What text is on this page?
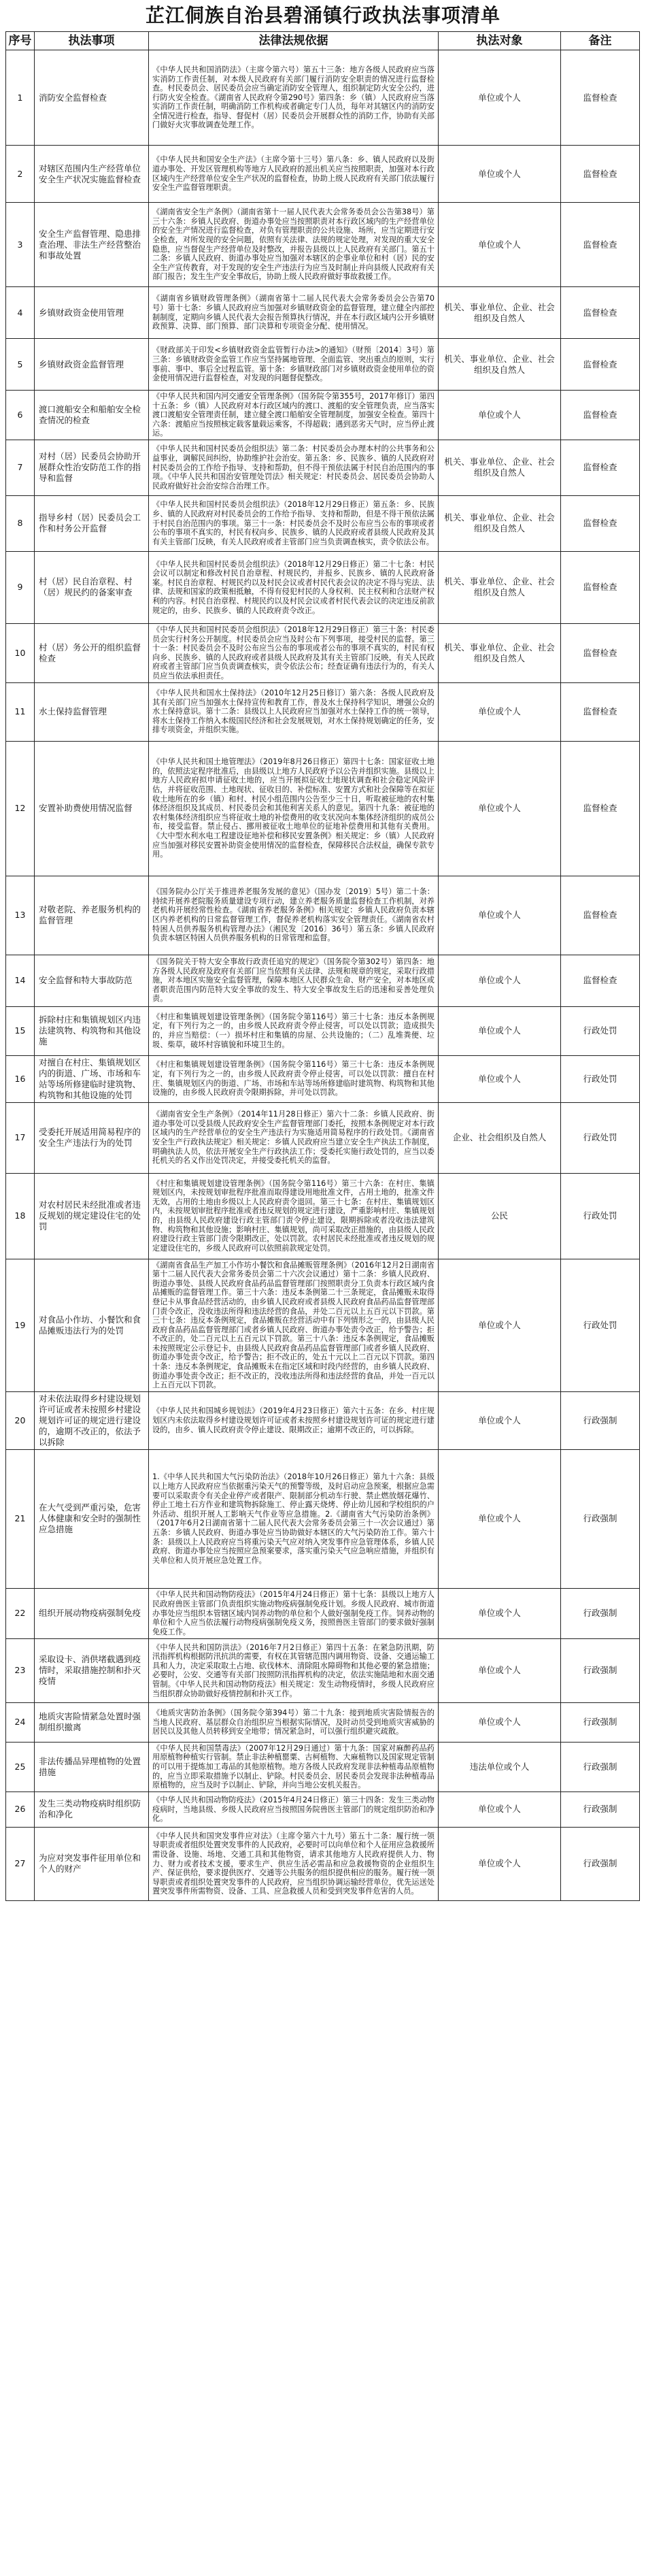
芷江侗族自治县碧涌镇行政执法事项清单
序号	执法事项	法律法规依据	执法对象	备注
1	消防安全监督检查	《中华人民共和国消防法》（主席令第六号）第五十三条：地方各级人民政府应当落实消防工作责任制，对本级人民政府有关部门履行消防安全职责的情况进行监督检查。村民委员会、居民委员会应当确定消防安全管理人，组织制定防火安全公约，进行防火安全检查。《湖南省人民政府令第290号》第四条：乡（镇）人民政府应当落实消防工作责任制，明确消防工作机构或者确定专门人员，每年对其辖区内的消防安全情况进行检查，指导、督促村（居）民委员会开展群众性的消防工作，协助有关部门做好火灾事故调查处理工作。	单位或个人	监督检查
2	对辖区范围内生产经营单位安全生产状况实施监督检查	《中华人民共和国安全生产法》（主席令第十三号）第八条：乡、镇人民政府以及街道办事处、开发区管理机构等地方人民政府的派出机关应当按照职责，加强对本行政区域内生产经营单位安全生产状况的监督检查，协助上级人民政府有关部门依法履行安全生产监督管理职责。	单位或个人	监督检查
3	安全生产监督管理、隐患排查治理、非法生产经营整治和事故处置	《湖南省安全生产条例》（湖南省第十一届人民代表大会常务委员会公告第38号）第三十六条：乡镇人民政府、街道办事处应当按照职责对本行政区域内的生产经营单位的安全生产情况进行监督检查，对负有管理职责的公共设施、场所，应当定期进行安全检查，对所发现的安全问题，依照有关法律、法规的规定处理，对发现的重大安全隐患，应当督促生产经营单位及时整改，并报告县级以上人民政府有关部门。第五十二条：乡镇人民政府、街道办事处应当加强对本辖区的企事业单位和村（居）民的安全生产宣传教育，对于发现的安全生产违法行为应当及时制止并向县级人民政府有关部门报告；发生生产安全事故后，协助上级人民政府做好事故救援工作。	单位或个人	监督检查
4	乡镇财政资金使用管理	《湖南省乡镇财政管理条例》（湖南省第十二届人民代表大会常务委员会公告第70号）第十七条：乡镇人民政府应当加强对乡镇财政资金的监督管理，建立健全内部控制制度，定期向乡镇人民代表大会报告预算执行情况，并在本行政区域内公开乡镇财政预算、决算、部门预算、部门决算和专项资金分配、使用情况。	机关、事业单位、企业、社会组织及自然人	监督检查
5	乡镇财政资金监督管理	《财政部关于印发<乡镇财政资金监管暂行办法>的通知》（财预〔2014〕3号）第三条：乡镇财政资金监管工作应当坚持属地管理、全面监管、突出重点的原则，实行事前、事中、事后全过程监管。第十条：乡镇财政部门对乡镇财政资金使用单位的资金使用情况进行监督检查，对发现的问题督促整改。	机关、事业单位、企业、社会组织及自然人	监督检查
6	渡口渡船安全和船舶安全检查情况的检查	《中华人民共和国内河交通安全管理条例》（国务院令第355号，2017年修订）第四十五条：乡（镇）人民政府对本行政区域内的渡口、渡船的安全管理负责，应当落实渡口渡船安全管理责任制，建立健全渡口船舶安全管理制度，加强安全检查。第四十六条：渡船应当按照核定载客量载运乘客，不得超载；遇到恶劣天气时，应当停止渡运。	单位或个人	监督检查
7	对村（居）民委员会协助开展群众性治安防范工作的指导和监督	《中华人民共和国村民委员会组织法》第二条：村民委员会办理本村的公共事务和公益事业，调解民间纠纷，协助维护社会治安。第五条：乡、民族乡、镇的人民政府对村民委员会的工作给予指导、支持和帮助，但不得干预依法属于村民自治范围内的事项。《中华人民共和国治安管理处罚法》相关规定：村民委员会、居民委员会协助人民政府做好社会治安综合治理工作。	机关、事业单位、企业、社会组织及自然人	监督检查
8	指导乡村（居）民委员会工作和村务公开监督	《中华人民共和国村民委员会组织法》（2018年12月29日修正）第五条：乡、民族乡、镇的人民政府对村民委员会的工作给予指导、支持和帮助，但是不得干预依法属于村民自治范围内的事项。第三十一条：村民委员会不及时公布应当公布的事项或者公布的事项不真实的，村民有权向乡、民族乡、镇的人民政府或者县级人民政府及其有关主管部门反映，有关人民政府或者主管部门应当负责调查核实，责令依法公布。	机关、事业单位、企业、社会组织及自然人	监督检查
9	村（居）民自治章程、村（居）规民约的备案审查	《中华人民共和国村民委员会组织法》（2018年12月29日修正）第二十七条：村民会议可以制定和修改村民自治章程、村规民约，并报乡、民族乡、镇的人民政府备案。村民自治章程、村规民约以及村民会议或者村民代表会议的决定不得与宪法、法律、法规和国家的政策相抵触，不得有侵犯村民的人身权利、民主权利和合法财产权利的内容。村民自治章程、村规民约以及村民会议或者村民代表会议的决定违反前款规定的，由乡、民族乡、镇的人民政府责令改正。	机关、事业单位、企业、社会组织及自然人	监督检查
10	村（居）务公开的组织监督检查	《中华人民共和国村民委员会组织法》（2018年12月29日修正）第三十条：村民委员会实行村务公开制度。村民委员会应当及时公布下列事项，接受村民的监督。第三十一条：村民委员会不及时公布应当公布的事项或者公布的事项不真实的，村民有权向乡、民族乡、镇的人民政府或者县级人民政府及其有关主管部门反映，有关人民政府或者主管部门应当负责调查核实，责令依法公布；经查证确有违法行为的，有关人员应当依法承担责任。	机关、事业单位、企业、社会组织及自然人	监督检查
11	水土保持监督管理	《中华人民共和国水土保持法》（2010年12月25日修订）第六条：各级人民政府及其有关部门应当加强水土保持宣传和教育工作，普及水土保持科学知识，增强公众的水土保持意识。第十二条：县级以上人民政府应当加强对水土保持工作的统一领导，将水土保持工作纳入本级国民经济和社会发展规划，对水土保持规划确定的任务，安排专项资金，并组织实施。	单位或个人	监督检查
12	安置补助费使用情况监督	《中华人民共和国土地管理法》（2019年8月26日修正）第四十七条：国家征收土地的，依照法定程序批准后，由县级以上地方人民政府予以公告并组织实施。县级以上地方人民政府拟申请征收土地的，应当开展拟征收土地现状调查和社会稳定风险评估，并将征收范围、土地现状、征收目的、补偿标准、安置方式和社会保障等在拟征收土地所在的乡（镇）和村、村民小组范围内公告至少三十日，听取被征地的农村集体经济组织及其成员、村民委员会和其他利害关系人的意见。第四十九条：被征地的农村集体经济组织应当将征收土地的补偿费用的收支状况向本集体经济组织的成员公布，接受监督。禁止侵占、挪用被征收土地单位的征地补偿费用和其他有关费用。《大中型水利水电工程建设征地补偿和移民安置条例》相关规定：乡（镇）人民政府应当加强对移民安置补助资金使用情况的监督检查，保障移民合法权益，确保专款专用。	单位或个人	监督检查
13	对敬老院、养老服务机构的监督管理	《国务院办公厅关于推进养老服务发展的意见》（国办发〔2019〕5号）第二十条：持续开展养老院服务质量建设专项行动，建立养老服务质量监督检查工作机制，对养老机构开展经常性检查。《湖南省养老服务条例》相关规定：乡镇人民政府负责本辖区内养老机构的日常监督管理工作，督促养老机构落实安全管理责任。《湖南省农村特困人员供养服务机构管理办法》（湘民发〔2016〕36号）第五条：乡镇人民政府负责本辖区特困人员供养服务机构的日常管理和监督。	单位或个人	监督检查
14	安全监督和特大事故防范	《国务院关于特大安全事故行政责任追究的规定》（国务院令第302号）第四条：地方各级人民政府及政府有关部门应当依照有关法律、法规和规章的规定，采取行政措施，对本地区实施安全监督管理，保障本地区人民群众生命、财产安全，对本地区或者职责范围内防范特大安全事故的发生、特大安全事故发生后的迅速和妥善处理负责。	单位或个人	监督检查
15	拆除村庄和集镇规划区内违法建筑物、构筑物和其他设施	《村庄和集镇规划建设管理条例》（国务院令第116号）第三十七条：违反本条例规定，有下列行为之一的，由乡级人民政府责令停止侵害，可以处以罚款；造成损失的，并应当赔偿：（一）损坏村庄和集镇的房屋、公共设施的；（二）乱堆粪便、垃圾、柴草，破坏村容镇貌和环境卫生的。	单位或个人	行政处罚
16	对擅自在村庄、集镇规划区内的街道、广场、市场和车站等场所修建临时建筑物、构筑物和其他设施的处罚	《村庄和集镇规划建设管理条例》（国务院令第116号）第三十七条：违反本条例规定，有下列行为之一的，由乡级人民政府责令停止侵害，可以处以罚款：擅自在村庄、集镇规划区内的街道、广场、市场和车站等场所修建临时建筑物、构筑物和其他设施的，由乡级人民政府责令限期拆除，并可处以罚款。	单位或个人	行政处罚
17	受委托开展适用简易程序的安全生产违法行为的处罚	《湖南省安全生产条例》（2014年11月28日修正）第六十二条：乡镇人民政府、街道办事处可以受县级人民政府安全生产监督管理部门委托，按照本条例规定对本行政区域内的生产经营单位的安全生产违法行为实施适用简易程序的行政处罚。《湖南省安全生产行政执法规定》相关规定：乡镇人民政府应当建立安全生产执法工作制度，明确执法人员，依法开展安全生产行政执法工作；受委托实施行政处罚的，应当以委托机关的名义作出处罚决定，并接受委托机关的监督。	企业、社会组织及自然人	行政处罚
18	对农村居民未经批准或者违反规划的规定建设住宅的处罚	《村庄和集镇规划建设管理条例》（国务院令第116号）第三十六条：在村庄、集镇规划区内，未按规划审批程序批准而取得建设用地批准文件，占用土地的，批准文件无效，占用的土地由乡级以上人民政府责令退回。第三十七条：在村庄、集镇规划区内，未按规划审批程序批准或者违反规划的规定进行建设，严重影响村庄、集镇规划的，由县级人民政府建设行政主管部门责令停止建设，限期拆除或者没收违法建筑物、构筑物和其他设施；影响村庄、集镇规划，尚可采取改正措施的，由县级人民政府建设行政主管部门责令限期改正，处以罚款。农村居民未经批准或者违反规划的规定建设住宅的，乡级人民政府可以依照前款规定处罚。	公民	行政处罚
19	对食品小作坊、小餐饮和食品摊贩违法行为的处罚	《湖南省食品生产加工小作坊小餐饮和食品摊贩管理条例》（2016年12月2日湖南省第十二届人民代表大会常务委员会第二十六次会议通过）第十二条：乡镇人民政府、街道办事处、县级人民政府食品药品监督管理部门按照职责分工负责本行政区域内食品摊贩的监督管理工作。第三十六条：违反本条例第二十三条规定，食品摊贩未取得登记卡从事食品经营活动的，由乡镇人民政府或者县级人民政府食品药品监督管理部门责令改正，没收违法所得和违法经营的食品，并处二百元以上五百元以下罚款。第三十七条：违反本条例规定，食品摊贩在经营活动中有下列情形之一的，由县级人民政府食品药品监督管理部门或者乡镇人民政府、街道办事处责令改正，给予警告；拒不改正的，处二百元以上五百元以下罚款。第三十八条：违反本条例规定，食品摊贩未按照规定公示登记卡，由县级人民政府食品药品监督管理部门或者乡镇人民政府、街道办事处责令改正，给予警告；拒不改正的，处五十元以上二百元以下罚款。第四十条：违反本条例规定，食品摊贩未在指定区域和时段内经营的，由乡镇人民政府、街道办事处责令改正；拒不改正的，没收违法所得和违法经营的食品，并处一百元以上五百元以下罚款。	单位或个人	行政处罚
20	对未依法取得乡村建设规划许可证或者未按照乡村建设规划许可证的规定进行建设的，逾期不改正的，依法予以拆除	《中华人民共和国城乡规划法》（2019年4月23日修正）第六十五条：在乡、村庄规划区内未依法取得乡村建设规划许可证或者未按照乡村建设规划许可证的规定进行建设的，由乡、镇人民政府责令停止建设、限期改正；逾期不改正的，可以拆除。	单位或个人	行政强制
21	在大气受到严重污染，危害人体健康和安全时的强制性应急措施	1.《中华人民共和国大气污染防治法》（2018年10月26日修正）第九十六条：县级以上地方人民政府应当依据重污染天气的预警等级，及时启动应急预案，根据应急需要可以采取责令有关企业停产或者限产、限制部分机动车行驶、禁止燃放烟花爆竹、停止工地土石方作业和建筑物拆除施工、停止露天烧烤、停止幼儿园和学校组织的户外活动、组织开展人工影响天气作业等应急措施。2.《湖南省大气污染防治条例》（2017年6月2日湖南省第十二届人民代表大会常务委员会第三十一次会议通过）第五条：乡镇人民政府、街道办事处应当协助做好本辖区的大气污染防治工作。第六十条：县级以上人民政府应当将重污染天气应对纳入突发事件应急管理体系，乡镇人民政府、街道办事处应当按照应急预案要求，落实重污染天气应急响应措施，并组织有关单位和人员开展应急处置工作。	单位或个人	行政强制
22	组织开展动物疫病强制免疫	《中华人民共和国动物防疫法》（2015年4月24日修正）第十七条：县级以上地方人民政府兽医主管部门负责组织实施动物疫病强制免疫计划。乡级人民政府、城市街道办事处应当组织本管辖区域内饲养动物的单位和个人做好强制免疫工作。饲养动物的单位和个人应当依法履行动物疫病强制免疫义务，按照兽医主管部门的要求做好强制免疫工作。	单位或个人	行政强制
23	采取设卡、消供堵截遇到疫情时，采取措施控制和扑灭疫情	《中华人民共和国防洪法》（2016年7月2日修正）第四十五条：在紧急防汛期，防汛指挥机构根据防汛抗洪的需要，有权在其管辖范围内调用物资、设备、交通运输工具和人力，决定采取取土占地、砍伐林木、清除阻水障碍物和其他必要的紧急措施；必要时，公安、交通等有关部门按照防汛指挥机构的决定，依法实施陆地和水面交通管制。《中华人民共和国动物防疫法》相关规定：发生动物疫情时，乡级人民政府应当组织群众协助做好疫情控制和扑灭工作。	单位或个人	行政强制
24	地质灾害险情紧急处置时强制组织撤离	《地质灾害防治条例》（国务院令第394号）第二十九条：接到地质灾害险情报告的当地人民政府、基层群众自治组织应当根据实际情况，及时动员受到地质灾害威胁的居民以及其他人员转移到安全地带；情况紧急时，可以强行组织避灾疏散。	单位或个人	行政强制
25	非法传播品异理植物的处置措施	《中华人民共和国禁毒法》（2007年12月29日通过）第十九条：国家对麻醉药品药用原植物种植实行管制。禁止非法种植罂粟、古柯植物、大麻植物以及国家规定管制的可以用于提炼加工毒品的其他原植物。地方各级人民政府发现非法种植毒品原植物的，应当立即采取措施予以制止、铲除。村民委员会、居民委员会发现非法种植毒品原植物的，应当及时予以制止、铲除，并向当地公安机关报告。	违法单位或个人	行政强制
26	发生三类动物疫病时组织防治和净化	《中华人民共和国动物防疫法》（2015年4月24日修正）第三十四条：发生三类动物疫病时，当地县级、乡级人民政府应当按照国务院兽医主管部门的规定组织防治和净化。	单位或个人	行政强制
27	为应对突发事件征用单位和个人的财产	《中华人民共和国突发事件应对法》（主席令第六十九号）第五十二条：履行统一领导职责或者组织处置突发事件的人民政府，必要时可以向单位和个人征用应急救援所需设备、设施、场地、交通工具和其他物资，请求其他地方人民政府提供人力、物力、财力或者技术支援，要求生产、供应生活必需品和应急救援物资的企业组织生产、保证供给，要求提供医疗、交通等公共服务的组织提供相应的服务。履行统一领导职责或者组织处置突发事件的人民政府，应当组织协调运输经营单位，优先运送处置突发事件所需物资、设备、工具、应急救援人员和受到突发事件危害的人员。	单位或个人	行政强制
